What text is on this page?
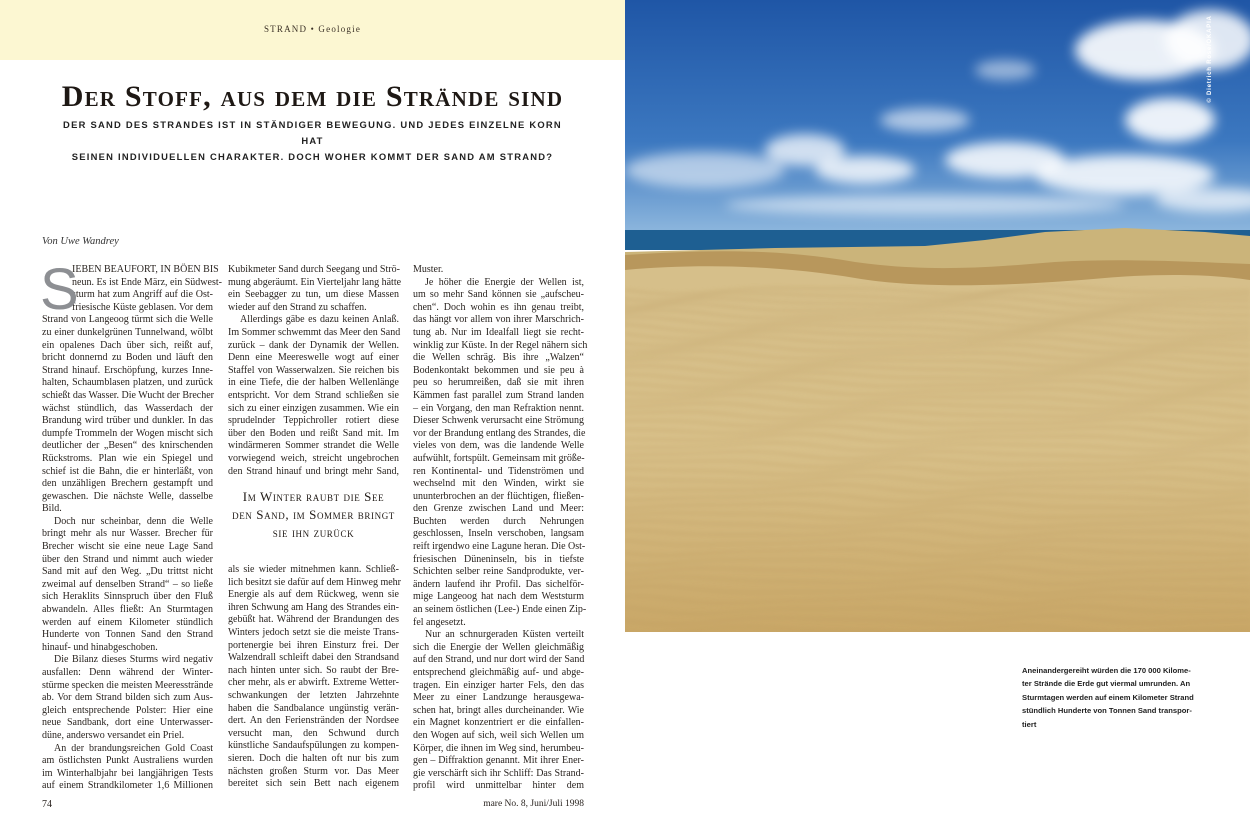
STRAND • Geologie
Der Stoff, aus dem die Strände sind
DER SAND DES STRANDES IST IN STÄNDIGER BEWEGUNG. UND JEDES EINZELNE KORN HAT
SEINEN INDIVIDUELLEN CHARAKTER. DOCH WOHER KOMMT DER SAND AM STRAND?
Von Uwe Wandrey
S
IEBEN BEAUFORT, IN BÖEN BIS
neun. Es ist Ende März, ein Südwest-
sturm hat zum Angriff auf die Ost-
friesische Küste geblasen. Vor dem
Strand von Langeoog türmt sich die Welle
zu einer dunkelgrünen Tunnelwand, wölbt
ein opalenes Dach über sich, reißt auf,
bricht donnernd zu Boden und läuft den
Strand hinauf. Erschöpfung, kurzes Inne-
halten, Schaumblasen platzen, und zurück
schießt das Wasser. Die Wucht der Brecher
wächst stündlich, das Wasserdach der
Brandung wird trüber und dunkler. In das
dumpfe Trommeln der Wogen mischt sich
deutlicher der „Besen“ des knirschenden
Rückstroms. Plan wie ein Spiegel und
schief ist die Bahn, die er hinterläßt, von
den unzähligen Brechern gestampft und
gewaschen. Die nächste Welle, dasselbe
Bild.
Doch nur scheinbar, denn die Welle
bringt mehr als nur Wasser. Brecher für
Brecher wischt sie eine neue Lage Sand
über den Strand und nimmt auch wieder
Sand mit auf den Weg. „Du trittst nicht
zweimal auf denselben Strand“ – so ließe
sich Heraklits Sinnspruch über den Fluß
abwandeln. Alles fließt: An Sturmtagen
werden auf einem Kilometer stündlich
Hunderte von Tonnen Sand den Strand
hinauf- und hinabgeschoben.
Die Bilanz dieses Sturms wird negativ
ausfallen: Denn während der Winter-
stürme specken die meisten Meeresstrände
ab. Vor dem Strand bilden sich zum Aus-
gleich entsprechende Polster: Hier eine
neue Sandbank, dort eine Unterwasser-
düne, anderswo versandet ein Priel.
An der brandungsreichen Gold Coast
am östlichsten Punkt Australiens wurden
im Winterhalbjahr bei langjährigen Tests
auf einem Strandkilometer 1,6 Millionen
Kubikmeter Sand durch Seegang und Strö-
mung abgeräumt. Ein Vierteljahr lang hätte
ein Seebagger zu tun, um diese Massen
wieder auf den Strand zu schaffen.
Allerdings gäbe es dazu keinen Anlaß.
Im Sommer schwemmt das Meer den Sand
zurück – dank der Dynamik der Wellen.
Denn eine Meereswelle wogt auf einer
Staffel von Wasserwalzen. Sie reichen bis
in eine Tiefe, die der halben Wellenlänge
entspricht. Vor dem Strand schließen sie
sich zu einer einzigen zusammen. Wie ein
sprudelnder Teppichroller rotiert diese
über den Boden und reißt Sand mit. Im
windärmeren Sommer strandet die Welle
vorwiegend weich, streicht ungebrochen
den Strand hinauf und bringt mehr Sand,
als sie wieder mitnehmen kann. Schließ-
lich besitzt sie dafür auf dem Hinweg mehr
Energie als auf dem Rückweg, wenn sie
ihren Schwung am Hang des Strandes ein-
gebüßt hat. Während der Brandungen des
Winters jedoch setzt sie die meiste Trans-
portenergie bei ihren Einsturz frei. Der
Walzendrall schleift dabei den Strandsand
nach hinten unter sich. So raubt der Bre-
cher mehr, als er abwirft. Extreme Wetter-
schwankungen der letzten Jahrzehnte
haben die Sandbalance ungünstig verän-
dert. An den Ferienstränden der Nordsee
versucht man, den Schwund durch
künstliche Sandaufspülungen zu kompen-
sieren. Doch die halten oft nur bis zum
nächsten großen Sturm vor. Das Meer
bereitet sich sein Bett nach eigenem
Muster.
Je höher die Energie der Wellen ist,
um so mehr Sand können sie „aufscheu-
chen“. Doch wohin es ihn genau treibt,
das hängt vor allem von ihrer Marschrich-
tung ab. Nur im Idealfall liegt sie recht-
winklig zur Küste. In der Regel nähern sich
die Wellen schräg. Bis ihre „Walzen“
Bodenkontakt bekommen und sie peu à
peu so herumreißen, daß sie mit ihren
Kämmen fast parallel zum Strand landen
– ein Vorgang, den man Refraktion nennt.
Dieser Schwenk verursacht eine Strömung
vor der Brandung entlang des Strandes, die
vieles von dem, was die landende Welle
aufwühlt, fortspült. Gemeinsam mit größe-
ren Kontinental- und Tidenströmen und
wechselnd mit den Winden, wirkt sie
ununterbrochen an der flüchtigen, fließen-
den Grenze zwischen Land und Meer:
Buchten werden durch Nehrungen
geschlossen, Inseln verschoben, langsam
reift irgendwo eine Lagune heran. Die Ost-
friesischen Düneninseln, bis in tiefste
Schichten selber reine Sandprodukte, ver-
ändern laufend ihr Profil. Das sichelför-
mige Langeoog hat nach dem Weststurm
an seinem östlichen (Lee-) Ende einen Zip-
fel angesetzt.
Nur an schnurgeraden Küsten verteilt
sich die Energie der Wellen gleichmäßig
auf den Strand, und nur dort wird der Sand
entsprechend gleichmäßig auf- und abge-
tragen. Ein einziger harter Fels, den das
Meer zu einer Landzunge herausgewa-
schen hat, bringt alles durcheinander. Wie
ein Magnet konzentriert er die einfallen-
den Wogen auf sich, weil sich Wellen um
Körper, die ihnen im Weg sind, herumbeu-
gen – Diffraktion genannt. Mit ihrer Ener-
gie verschärft sich ihr Schliff: Das Strand-
profil wird unmittelbar hinter dem
Im Winter raubt die See
den Sand, im Sommer bringt
sie ihn zurück
74	mare No. 8, Juni/Juli 1998
© Dietrich Rose/OKAPIA
Aneinandergereiht würden die 170 000 Kilome-
ter Strände die Erde gut viermal umrunden. An
Sturmtagen werden auf einem Kilometer Strand
stündlich Hunderte von Tonnen Sand transpor-
tiert
